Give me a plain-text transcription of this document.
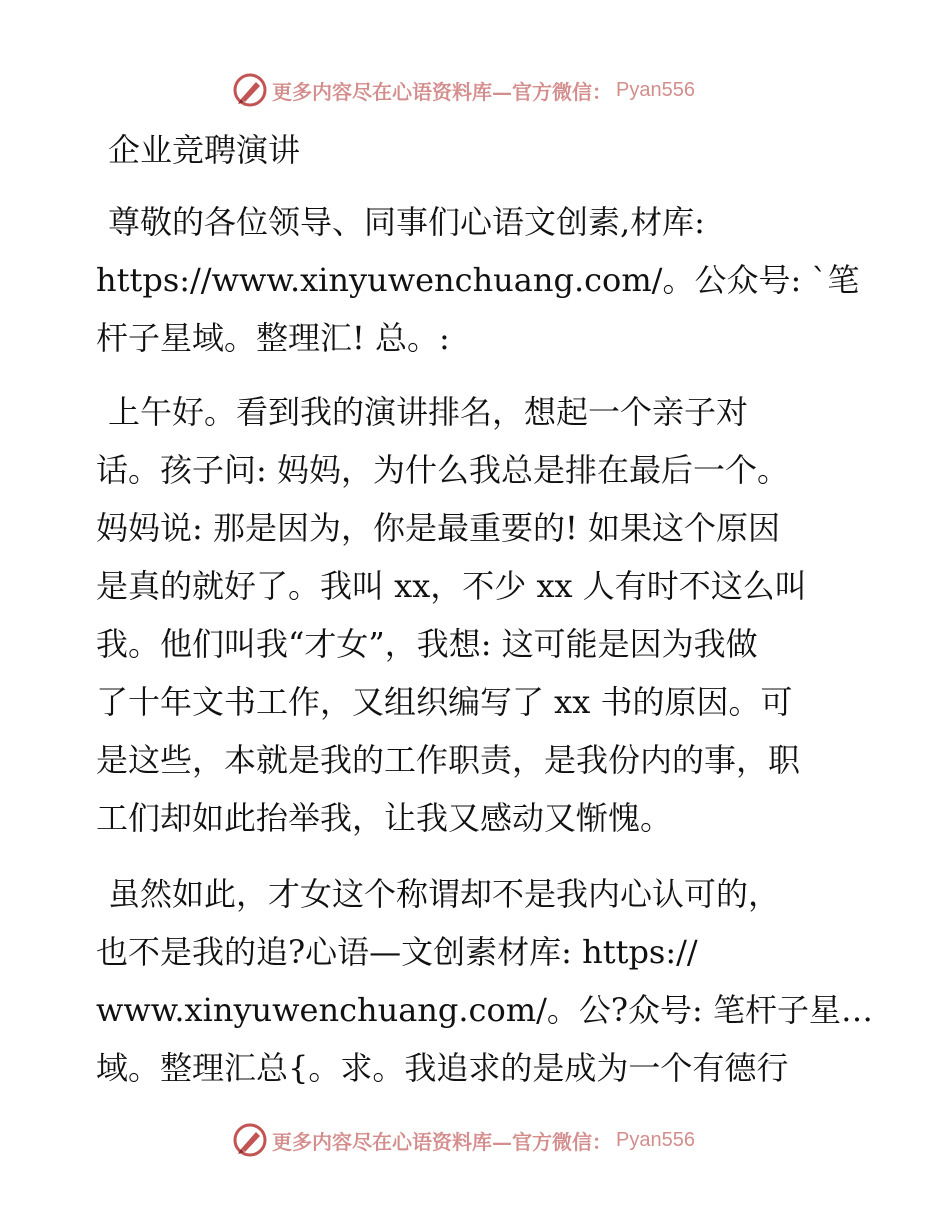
更多内容尽在心语资料库—官方微信： Pyan556
企业竞聘演讲
尊敬的各位领导、同事们心语文创素,材库:
https://www.xinyuwenchuang.com/。公众号: `笔
杆子星域。整理汇! 总。:
上午好。看到我的演讲排名，想起一个亲子对
话。孩子问: 妈妈，为什么我总是排在最后一个。
妈妈说: 那是因为，你是最重要的! 如果这个原因
是真的就好了。我叫 xx，不少 xx 人有时不这么叫
我。他们叫我“才女”，我想: 这可能是因为我做
了十年文书工作，又组织编写了 xx 书的原因。可
是这些，本就是我的工作职责，是我份内的事，职
工们却如此抬举我，让我又感动又惭愧。
虽然如此，才女这个称谓却不是我内心认可的，
也不是我的追?心语—文创素材库: https://
www.xinyuwenchuang.com/。公?众号: 笔杆子星…
域。整理汇总{。求。我追求的是成为一个有德行
更多内容尽在心语资料库—官方微信： Pyan556
